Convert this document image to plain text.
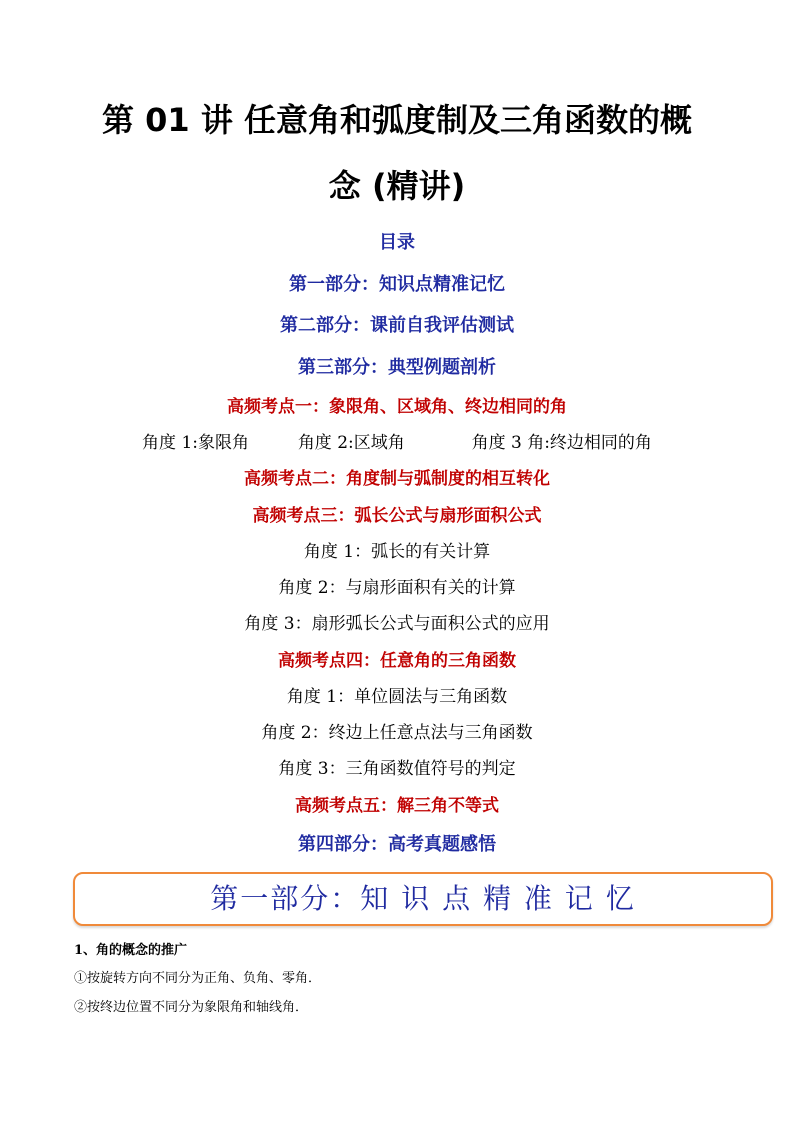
第 01 讲 任意角和弧度制及三角函数的概
念 (精讲)
目录
第一部分：知识点精准记忆
第二部分：课前自我评估测试
第三部分：典型例题剖析
高频考点一：象限角、区域角、终边相同的角
角度 1:象限角	角度 2:区域角	角度 3 角:终边相同的角
高频考点二：角度制与弧制度的相互转化
高频考点三：弧长公式与扇形面积公式
角度 1：弧长的有关计算
角度 2：与扇形面积有关的计算
角度 3：扇形弧长公式与面积公式的应用
高频考点四：任意角的三角函数
角度 1：单位圆法与三角函数
角度 2：终边上任意点法与三角函数
角度 3：三角函数值符号的判定
高频考点五：解三角不等式
第四部分：高考真题感悟
第一部分：知 识 点 精 准 记 忆
1、角的概念的推广
①按旋转方向不同分为正角、负角、零角．
②按终边位置不同分为象限角和轴线角．
